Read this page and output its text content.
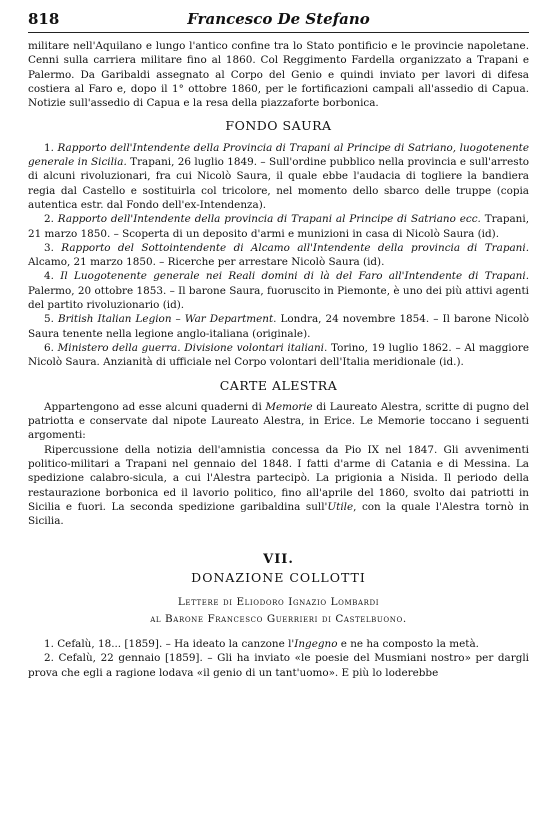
818	Francesco De Stefano

militare nell'Aquilano e lungo l'antico confine tra lo Stato pontificio e le provincie napoletane. Cenni sulla carriera militare fino al 1860. Col Reggimento Fardella organizzato a Trapani e Palermo. Da Garibaldi assegnato al Corpo del Genio e quindi inviato per lavori di difesa costiera al Faro e, dopo il 1° ottobre 1860, per le fortificazioni campali all'assedio di Capua. Notizie sull'assedio di Capua e la resa della piazzaforte borbonica.

FONDO SAURA

1. Rapporto dell'Intendente della Provincia di Trapani al Principe di Satriano, luogotenente generale in Sicilia. Trapani, 26 luglio 1849. – Sull'ordine pubblico nella provincia e sull'arresto di alcuni rivoluzionari, fra cui Nicolò Saura, il quale ebbe l'audacia di togliere la bandiera regia dal Castello e sostituirla col tricolore, nel momento dello sbarco delle truppe (copia autentica estr. dal Fondo dell'ex-Intendenza).

2. Rapporto dell'Intendente della provincia di Trapani al Principe di Satriano ecc. Trapani, 21 marzo 1850. – Scoperta di un deposito d'armi e munizioni in casa di Nicolò Saura (id).

3. Rapporto del Sottointendente di Alcamo all'Intendente della provincia di Trapani. Alcamo, 21 marzo 1850. – Ricerche per arrestare Nicolò Saura (id).

4. Il Luogotenente generale nei Reali domini di là del Faro all'Intendente di Trapani. Palermo, 20 ottobre 1853. – Il barone Saura, fuoruscito in Piemonte, è uno dei più attivi agenti del partito rivoluzionario (id).

5. British Italian Legion – War Department. Londra, 24 novembre 1854. – Il barone Nicolò Saura tenente nella legione anglo-italiana (originale).

6. Ministero della guerra. Divisione volontari italiani. Torino, 19 luglio 1862. – Al maggiore Nicolò Saura. Anzianità di ufficiale nel Corpo volontari dell'Italia meridionale (id.).

CARTE ALESTRA

Appartengono ad esse alcuni quaderni di Memorie di Laureato Alestra, scritte di pugno del patriotta e conservate dal nipote Laureato Alestra, in Erice. Le Memorie toccano i seguenti argomenti:

Ripercussione della notizia dell'amnistia concessa da Pio IX nel 1847. Gli avvenimenti politico-militari a Trapani nel gennaio del 1848. I fatti d'arme di Catania e di Messina. La spedizione calabro-sicula, a cui l'Alestra partecipò. La prigionia a Nisida. Il periodo della restaurazione borbonica ed il lavorio politico, fino all'aprile del 1860, svolto dai patriotti in Sicilia e fuori. La seconda spedizione garibaldina sull'Utile, con la quale l'Alestra tornò in Sicilia.

VII.
DONAZIONE COLLOTTI

Lettere di Eliodoro Ignazio Lombardi

al Barone Francesco Guerrieri di Castelbuono.

1. Cefalù, 18... [1859]. – Ha ideato la canzone l'Ingegno e ne ha composto la metà.

2. Cefalù, 22 gennaio [1859]. – Gli ha inviato «le poesie del Musmiani nostro» per dargli prova che egli a ragione lodava «il genio di un tant'uomo». E più lo loderebbe
